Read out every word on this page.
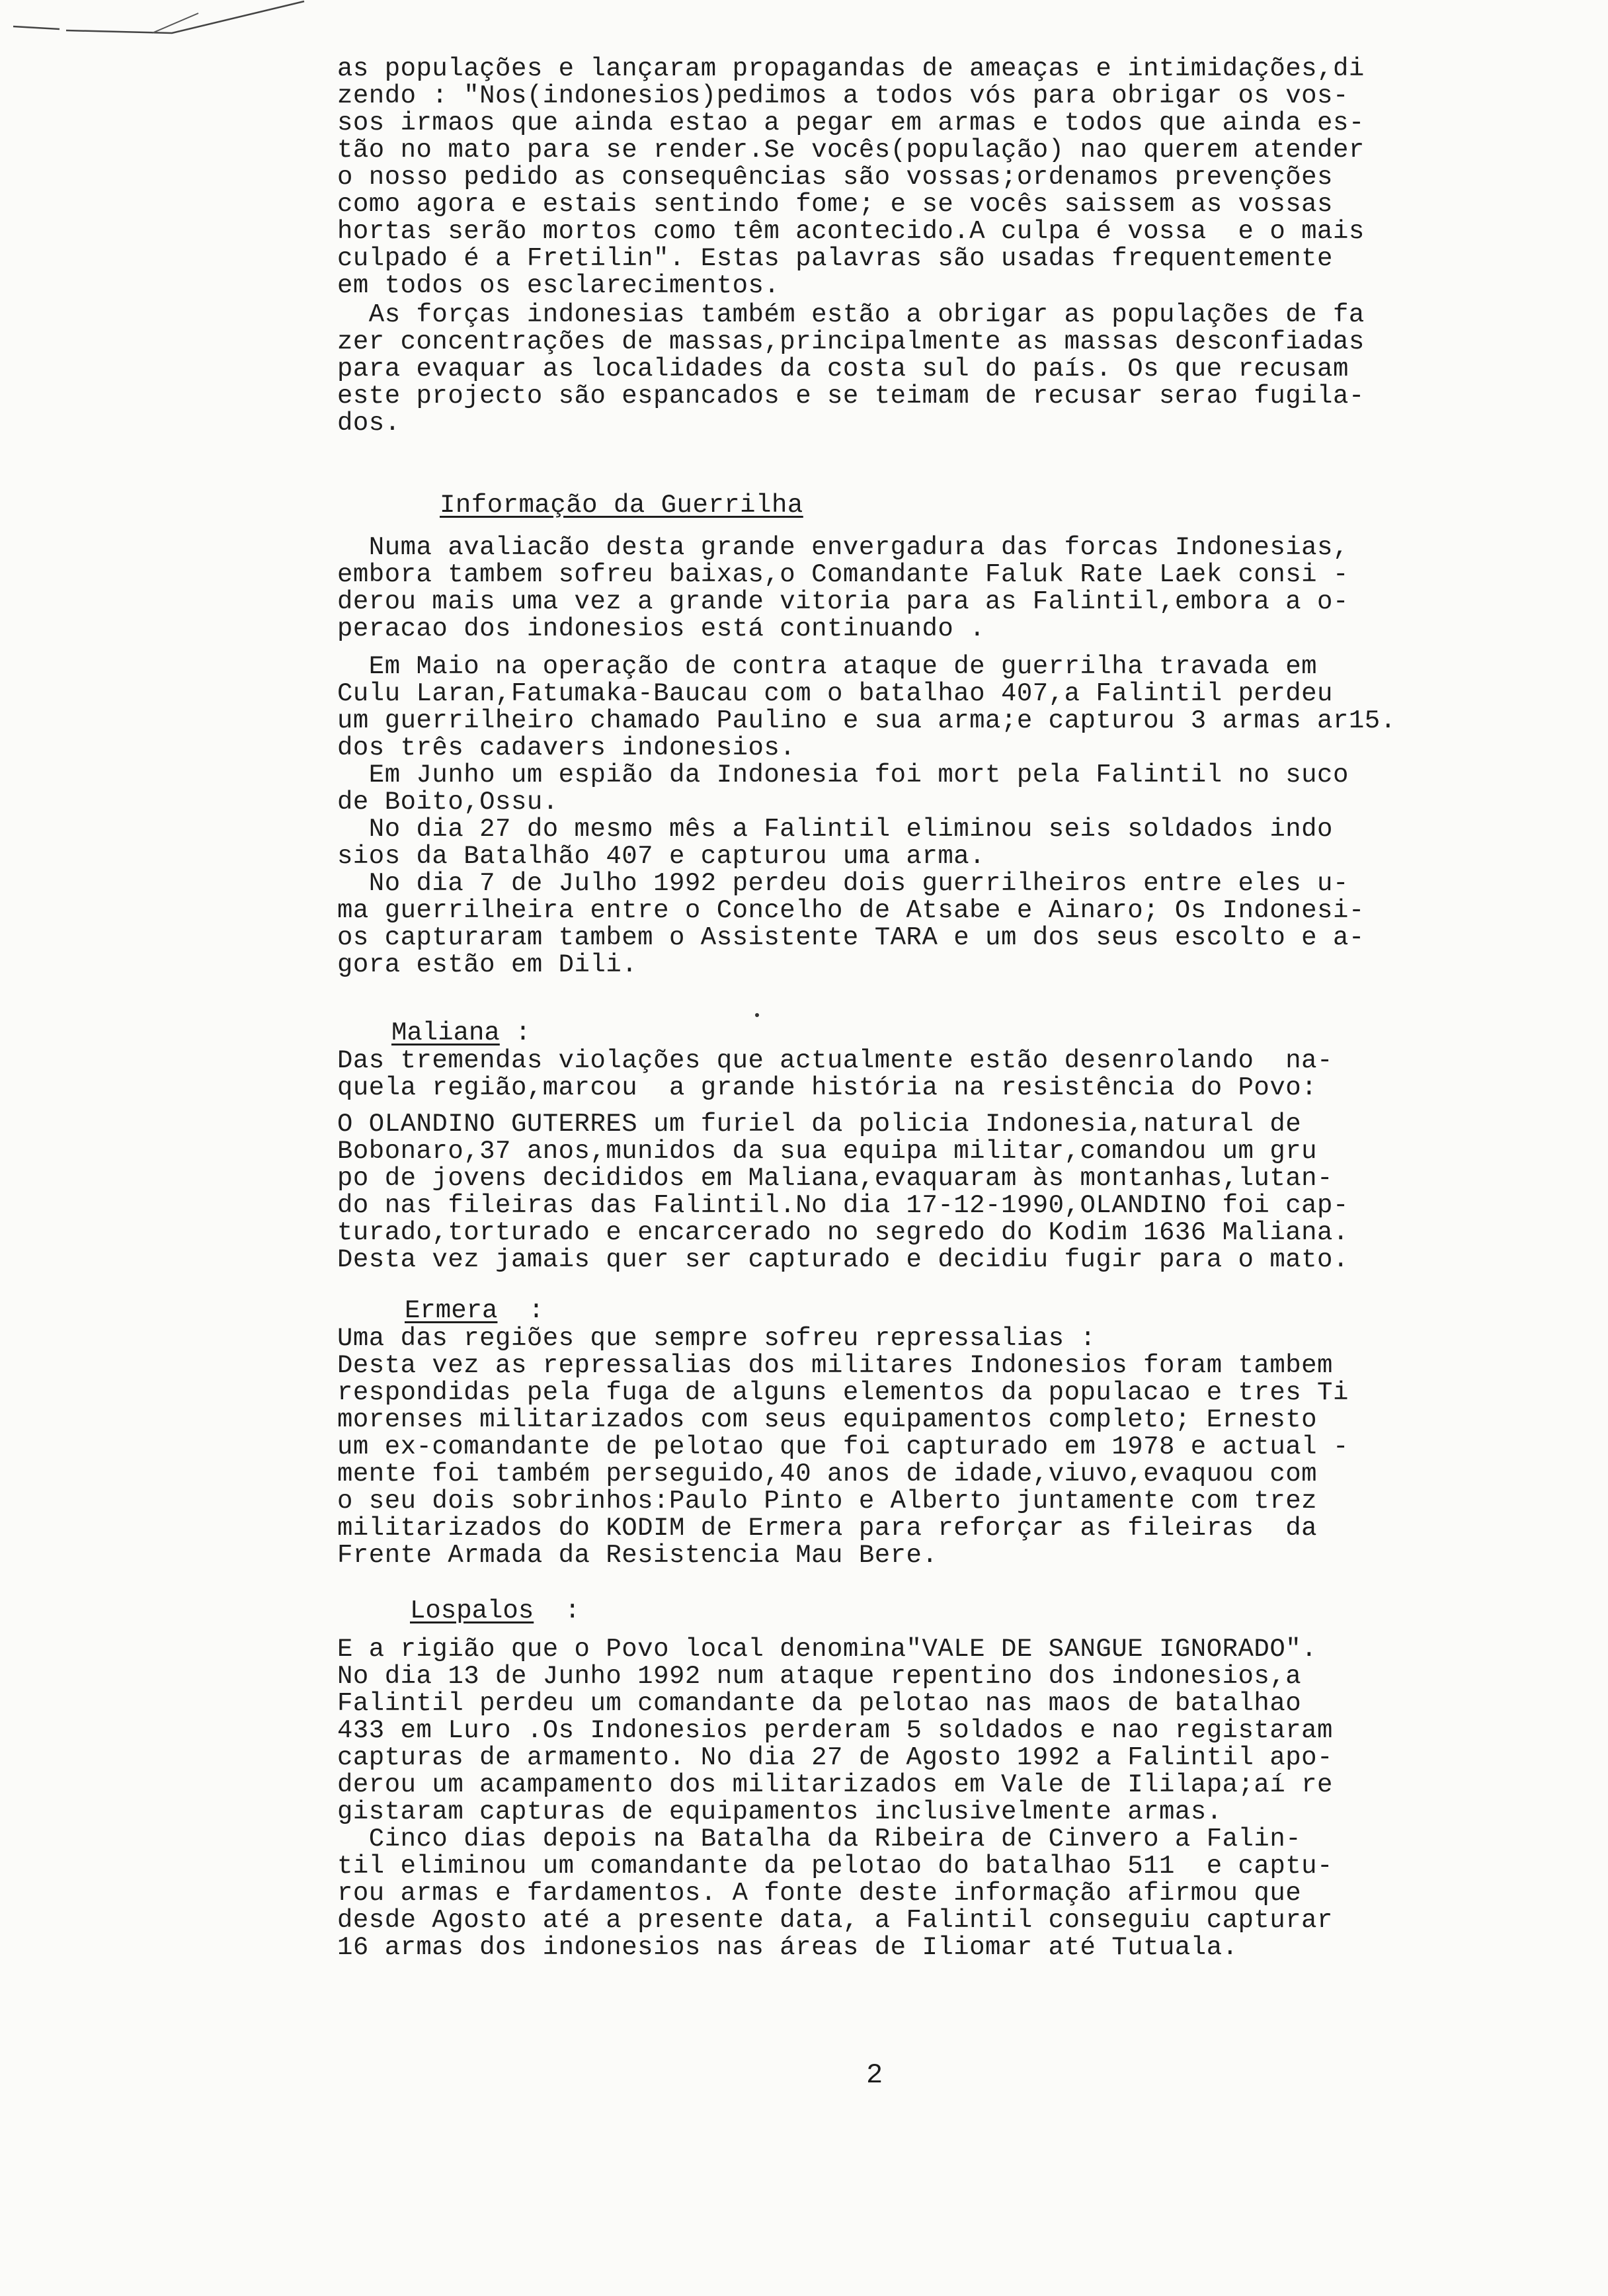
as populações e lançaram propagandas de ameaças e intimidações,di
zendo : "Nos(indonesios)pedimos a todos vós para obrigar os vos-
sos irmaos que ainda estao a pegar em armas e todos que ainda es-
tão no mato para se render.Se vocês(população) nao querem atender
o nosso pedido as consequências são vossas;ordenamos prevenções
como agora e estais sentindo fome; e se vocês saissem as vossas
hortas serão mortos como têm acontecido.A culpa é vossa  e o mais
culpado é a Fretilin". Estas palavras são usadas frequentemente
em todos os esclarecimentos.
As forças indonesias também estão a obrigar as populações de fa
zer concentrações de massas,principalmente as massas desconfiadas
para evaquar as localidades da costa sul do país. Os que recusam
este projecto são espancados e se teimam de recusar serao fugila-
dos.
Informação da Guerrilha
Numa avaliacão desta grande envergadura das forcas Indonesias,
embora tambem sofreu baixas,o Comandante Faluk Rate Laek consi -
derou mais uma vez a grande vitoria para as Falintil,embora a o-
peracao dos indonesios está continuando .
Em Maio na operação de contra ataque de guerrilha travada em
Culu Laran,Fatumaka-Baucau com o batalhao 407,a Falintil perdeu
um guerrilheiro chamado Paulino e sua arma;e capturou 3 armas ar15.
dos três cadavers indonesios.
Em Junho um espião da Indonesia foi mort pela Falintil no suco
de Boito,Ossu.
No dia 27 do mesmo mês a Falintil eliminou seis soldados indo
sios da Batalhão 407 e capturou uma arma.
No dia 7 de Julho 1992 perdeu dois guerrilheiros entre eles u-
ma guerrilheira entre o Concelho de Atsabe e Ainaro; Os Indonesi-
os capturaram tambem o Assistente TARA e um dos seus escolto e a-
gora estão em Dili.
Maliana :
Das tremendas violações que actualmente estão desenrolando  na-
quela região,marcou  a grande história na resistência do Povo:
O OLANDINO GUTERRES um furiel da policia Indonesia,natural de
Bobonaro,37 anos,munidos da sua equipa militar,comandou um gru
po de jovens decididos em Maliana,evaquaram às montanhas,lutan-
do nas fileiras das Falintil.No dia 17-12-1990,OLANDINO foi cap-
turado,torturado e encarcerado no segredo do Kodim 1636 Maliana.
Desta vez jamais quer ser capturado e decidiu fugir para o mato.
Ermera  :
Uma das regiões que sempre sofreu repressalias :
Desta vez as repressalias dos militares Indonesios foram tambem
respondidas pela fuga de alguns elementos da populacao e tres Ti
morenses militarizados com seus equipamentos completo; Ernesto
um ex-comandante de pelotao que foi capturado em 1978 e actual -
mente foi também perseguido,40 anos de idade,viuvo,evaquou com
o seu dois sobrinhos:Paulo Pinto e Alberto juntamente com trez
militarizados do KODIM de Ermera para reforçar as fileiras  da
Frente Armada da Resistencia Mau Bere.
Lospalos  :
E a rigião que o Povo local denomina"VALE DE SANGUE IGNORADO".
No dia 13 de Junho 1992 num ataque repentino dos indonesios,a
Falintil perdeu um comandante da pelotao nas maos de batalhao
433 em Luro .Os Indonesios perderam 5 soldados e nao registaram
capturas de armamento. No dia 27 de Agosto 1992 a Falintil apo-
derou um acampamento dos militarizados em Vale de Ililapa;aí re
gistaram capturas de equipamentos inclusivelmente armas.
Cinco dias depois na Batalha da Ribeira de Cinvero a Falin-
til eliminou um comandante da pelotao do batalhao 511  e captu-
rou armas e fardamentos. A fonte deste informação afirmou que
desde Agosto até a presente data, a Falintil conseguiu capturar
16 armas dos indonesios nas áreas de Iliomar até Tutuala.
2
